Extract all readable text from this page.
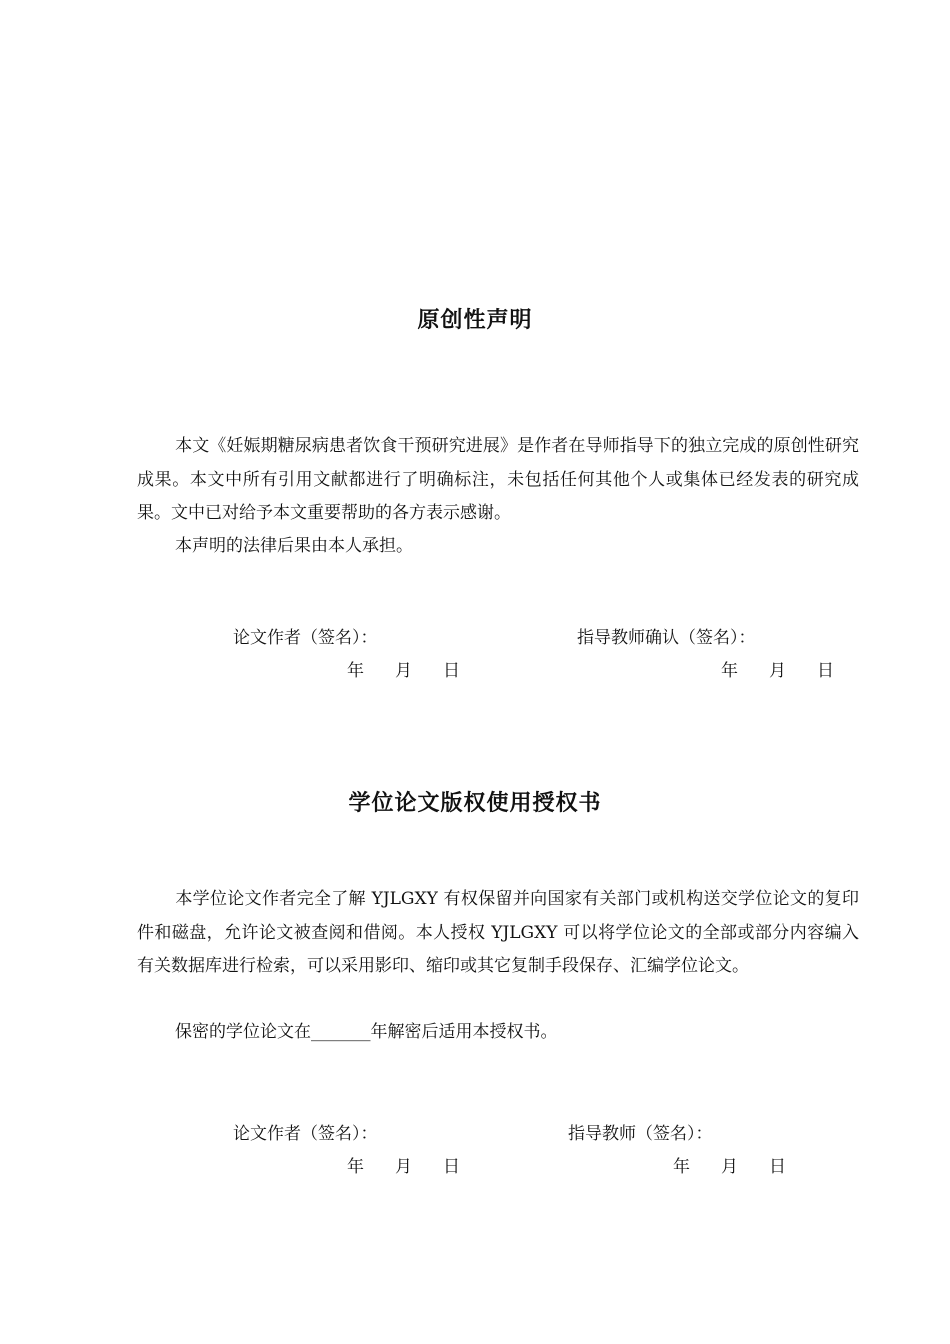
原创性声明
本文《妊娠期糖尿病患者饮食干预研究进展》是作者在导师指导下的独立完成的原创性研究成果。本文中所有引用文献都进行了明确标注，未包括任何其他个人或集体已经发表的研究成果。文中已对给予本文重要帮助的各方表示感谢。
本声明的法律后果由本人承担。
论文作者（签名）：	指导教师确认（签名）：
年 月 日	年 月 日
学位论文版权使用授权书
本学位论文作者完全了解 YJLGXY 有权保留并向国家有关部门或机构送交学位论文的复印件和磁盘，允许论文被查阅和借阅。本人授权 YJLGXY 可以将学位论文的全部或部分内容编入有关数据库进行检索，可以采用影印、缩印或其它复制手段保存、汇编学位论文。
保密的学位论文在_______年解密后适用本授权书。
论文作者（签名）：	指导教师（签名）：
年 月 日	年 月 日
